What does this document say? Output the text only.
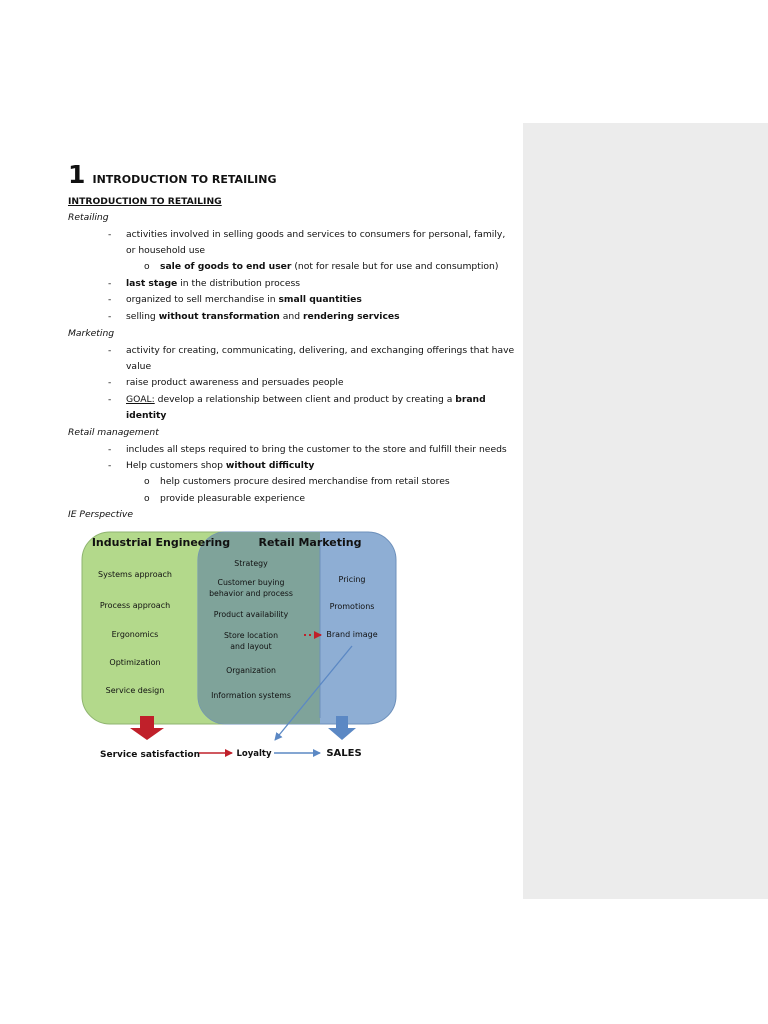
1 INTRODUCTION TO RETAILING
INTRODUCTION TO RETAILING
Retailing
- activities involved in selling goods and services to consumers for personal, family,
or household use
o sale of goods to end user (not for resale but for use and consumption)
- last stage in the distribution process
- organized to sell merchandise in small quantities
- selling without transformation and rendering services
Marketing
- activity for creating, communicating, delivering, and exchanging offerings that have
value
- raise product awareness and persuades people
- GOAL: develop a relationship between client and product by creating a brand
identity
Retail management
- includes all steps required to bring the customer to the store and fulfill their needs
- Help customers shop without difficulty
o help customers procure desired merchandise from retail stores
o provide pleasurable experience
IE Perspective
Industrial Engineering	Retail Marketing
Systems approach
Process approach
Ergonomics
Optimization
Service design
Strategy
Customer buying
behavior and process
Product availability
Store location
and layout
Organization
Information systems
Pricing
Promotions
Brand image
Service satisfaction	Loyalty	SALES
